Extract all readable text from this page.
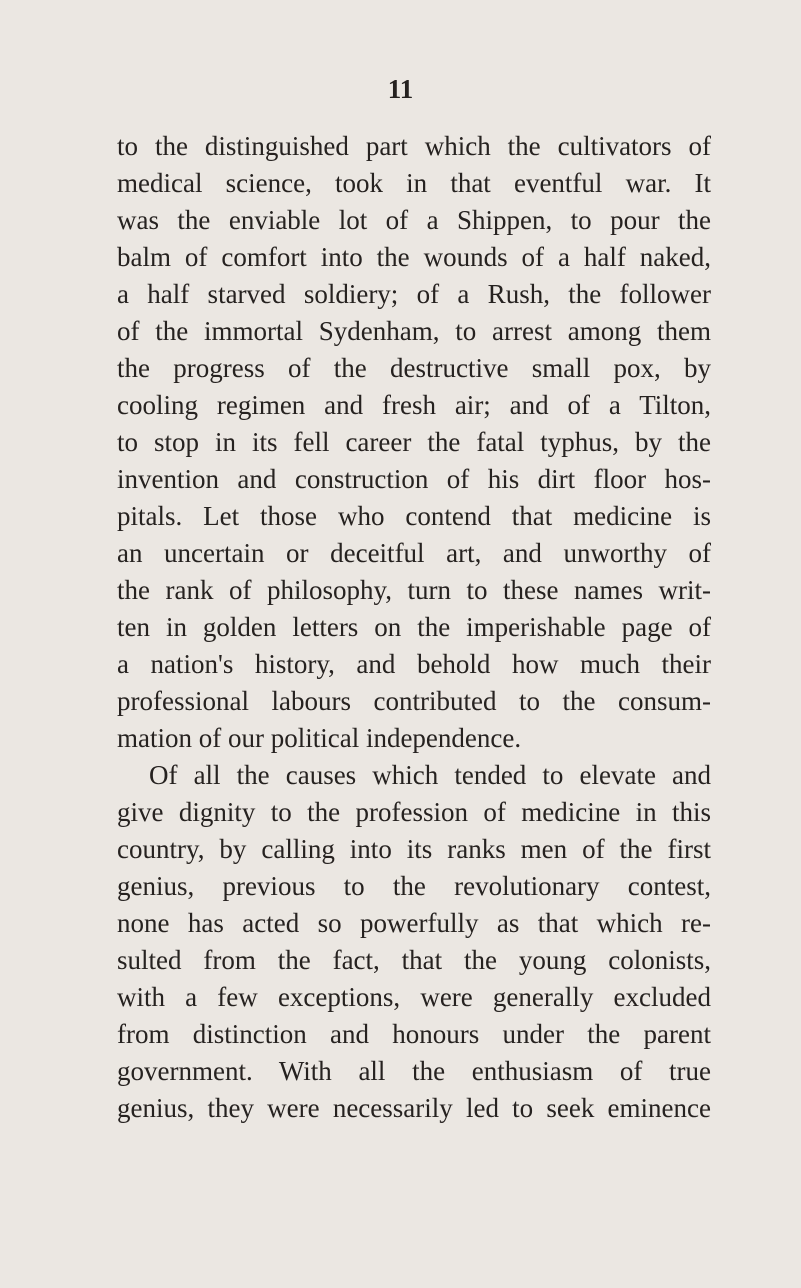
11
to the distinguished part which the cultivators of
medical science, took in that eventful war. It
was the enviable lot of a Shippen, to pour the
balm of comfort into the wounds of a half naked,
a half starved soldiery; of a Rush, the follower
of the immortal Sydenham, to arrest among them
the progress of the destructive small pox, by
cooling regimen and fresh air; and of a Tilton,
to stop in its fell career the fatal typhus, by the
invention and construction of his dirt floor hos-
pitals. Let those who contend that medicine is
an uncertain or deceitful art, and unworthy of
the rank of philosophy, turn to these names writ-
ten in golden letters on the imperishable page of
a nation's history, and behold how much their
professional labours contributed to the consum-
mation of our political independence.
Of all the causes which tended to elevate and
give dignity to the profession of medicine in this
country, by calling into its ranks men of the first
genius, previous to the revolutionary contest,
none has acted so powerfully as that which re-
sulted from the fact, that the young colonists,
with a few exceptions, were generally excluded
from distinction and honours under the parent
government. With all the enthusiasm of true
genius, they were necessarily led to seek eminence
